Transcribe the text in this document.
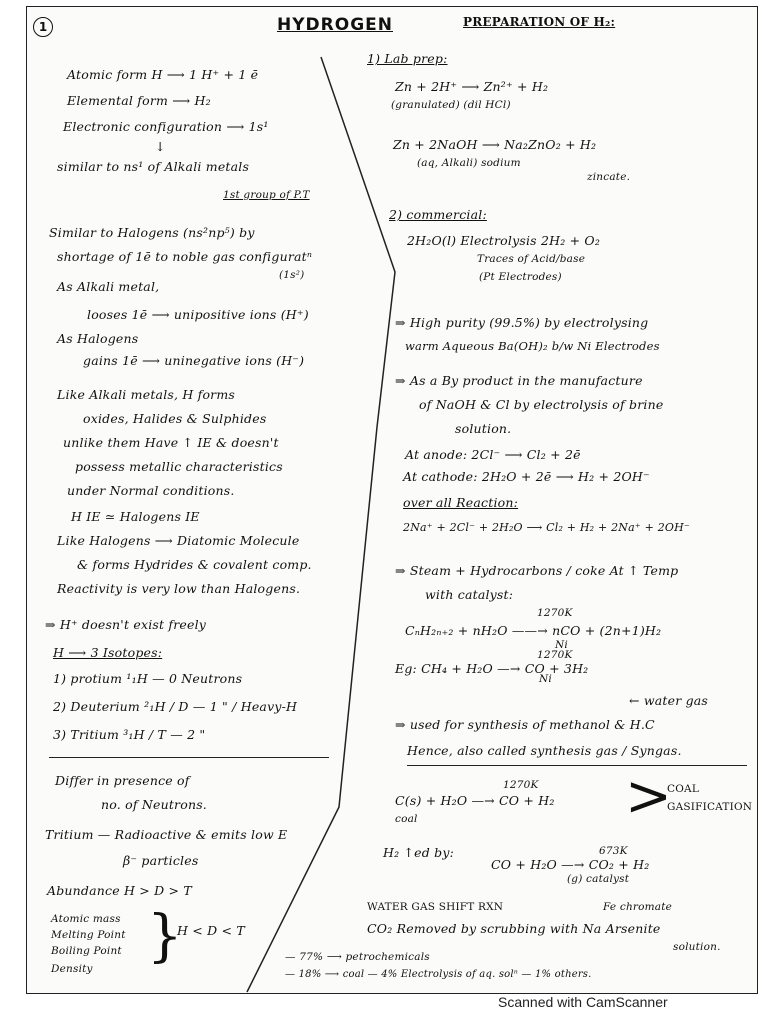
1	HYDROGEN
Atomic form H ⟶ 1 H⁺ + 1 ē
Elemental form ⟶ H₂
Electronic configuration ⟶ 1s¹
↓
similar to ns¹ of Alkali metals
1st group of P.T
Similar to Halogens (ns²np⁵) by
shortage of 1ē to noble gas configuratⁿ
(1s²)
As Alkali metal,
looses 1ē ⟶ unipositive ions (H⁺)
As Halogens
gains 1ē ⟶ uninegative ions (H⁻)
Like Alkali metals, H forms
oxides, Halides & Sulphides
unlike them Have ↑ IE & doesn't
possess metallic characteristics
under Normal conditions.
H IE ≃ Halogens IE
Like Halogens ⟶ Diatomic Molecule
& forms Hydrides & covalent comp.
Reactivity is very low than Halogens.
⇒ H⁺ doesn't exist freely
H ⟶ 3 Isotopes:
1) protium ¹₁H — 0 Neutrons
2) Deuterium ²₁H / D — 1 " / Heavy-H
3) Tritium ³₁H / T — 2 "
Differ in presence of
no. of Neutrons.
Tritium — Radioactive & emits low E
β⁻ particles
Abundance H > D > T
Atomic mass
Melting Point
Boiling Point
Density }
H < D < T
PREPARATION OF H₂:
1) Lab prep:
Zn + 2H⁺ ⟶ Zn²⁺ + H₂
(granulated) (dil HCl)
Zn + 2NaOH ⟶ Na₂ZnO₂ + H₂
(aq, Alkali) sodium
zincate.
2) commercial:
2H₂O(l) Electrolysis 2H₂ + O₂
Traces of Acid/base
(Pt Electrodes)
⇒ High purity (99.5%) by electrolysing
warm Aqueous Ba(OH)₂ b/w Ni Electrodes
⇒ As a By product in the manufacture
of NaOH & Cl by electrolysis of brine
solution.
At anode: 2Cl⁻ ⟶ Cl₂ + 2ē
At cathode: 2H₂O + 2ē ⟶ H₂ + 2OH⁻
over all Reaction:
2Na⁺ + 2Cl⁻ + 2H₂O ⟶ Cl₂ + H₂ + 2Na⁺ + 2OH⁻
⇒ Steam + Hydrocarbons / coke At ↑ Temp
with catalyst:
CₙH₂ₙ₊₂ + nH₂O ——→ nCO + (2n+1)H₂
1270K
Ni
Eg: CH₄ + H₂O —→ CO + 3H₂
1270K
Ni
← water gas
⇒ used for synthesis of methanol & H.C
Hence, also called synthesis gas / Syngas.
C(s) + H₂O —→ CO + H₂
1270K
coal	>
COAL
GASIFICATION
H₂ ↑ed by:
CO + H₂O —→ CO₂ + H₂
673K
(g) catalyst
Fe chromate
WATER GAS SHIFT RXN
CO₂ Removed by scrubbing with Na Arsenite
solution.
— 77% ⟶ petrochemicals
— 18% ⟶ coal — 4% Electrolysis of aq. solⁿ — 1% others.
Scanned with CamScanner
